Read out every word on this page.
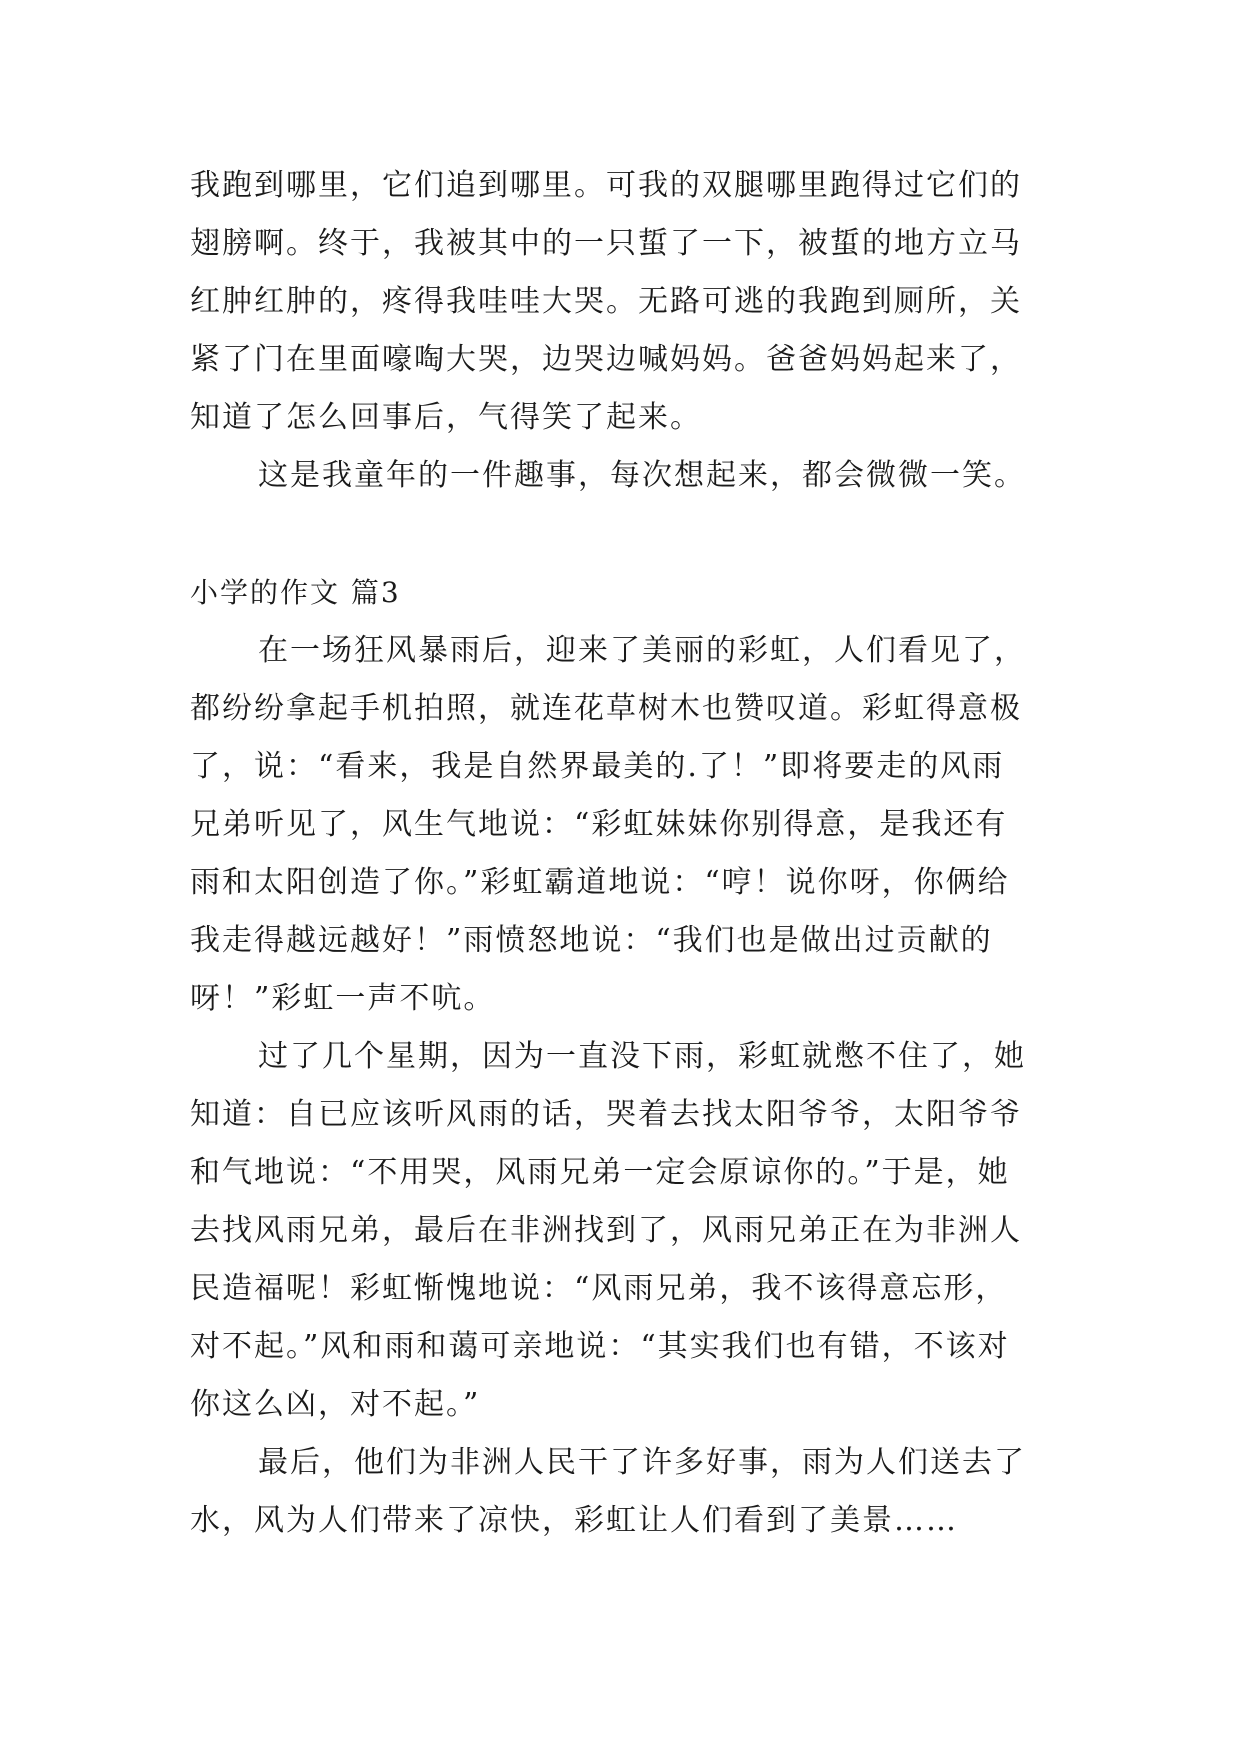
我跑到哪里，它们追到哪里。可我的双腿哪里跑得过它们的
翅膀啊。终于，我被其中的一只蜇了一下，被蜇的地方立马
红肿红肿的，疼得我哇哇大哭。无路可逃的我跑到厕所，关
紧了门在里面嚎啕大哭，边哭边喊妈妈。爸爸妈妈起来了，
知道了怎么回事后，气得笑了起来。
这是我童年的一件趣事，每次想起来，都会微微一笑。
小学的作文 篇3
在一场狂风暴雨后，迎来了美丽的彩虹，人们看见了，
都纷纷拿起手机拍照，就连花草树木也赞叹道。彩虹得意极
了，说：“看来，我是自然界最美的.了！”即将要走的风雨
兄弟听见了，风生气地说：“彩虹妹妹你别得意，是我还有
雨和太阳创造了你。”彩虹霸道地说：“哼！说你呀，你俩给
我走得越远越好！”雨愤怒地说：“我们也是做出过贡献的
呀！”彩虹一声不吭。
过了几个星期，因为一直没下雨，彩虹就憋不住了，她
知道：自已应该听风雨的话，哭着去找太阳爷爷，太阳爷爷
和气地说：“不用哭，风雨兄弟一定会原谅你的。”于是，她
去找风雨兄弟，最后在非洲找到了，风雨兄弟正在为非洲人
民造福呢！彩虹惭愧地说：“风雨兄弟，我不该得意忘形，
对不起。”风和雨和蔼可亲地说：“其实我们也有错，不该对
你这么凶，对不起。”
最后，他们为非洲人民干了许多好事，雨为人们送去了
水，风为人们带来了凉快，彩虹让人们看到了美景……
